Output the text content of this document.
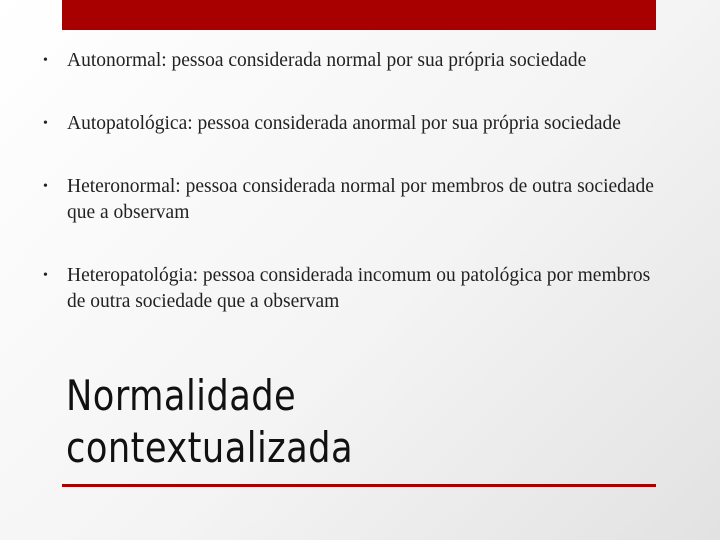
• Autonormal: pessoa considerada normal por sua própria sociedade
• Autopatológica: pessoa considerada anormal por sua própria sociedade
• Heteronormal: pessoa considerada normal por membros de outra sociedade que a observam
• Heteropatológia: pessoa considerada incomum ou patológica por membros de outra sociedade que a observam
Normalidade
contextualizada
